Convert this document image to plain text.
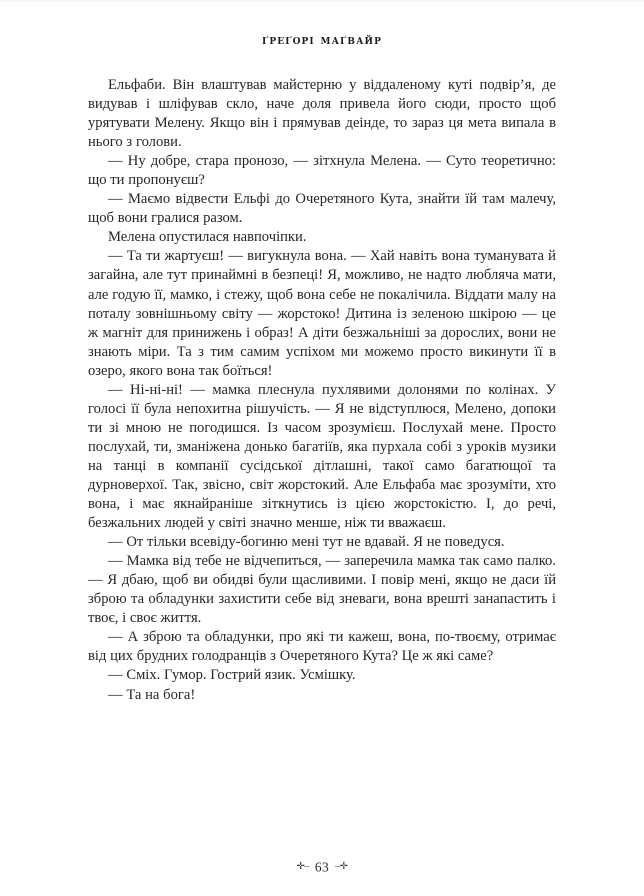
ґреґорі маґвайр

Ельфаби. Він влаштував майстерню у віддаленому куті подвір’я, де видував і шліфував скло, наче доля привела його сюди, просто щоб урятувати Мелену. Якщо він і прямував деінде, то зараз ця мета випала в нього з голови.

— Ну добре, стара пронозо, — зітхнула Мелена. — Суто теоретично: що ти пропонуєш?

— Маємо відвести Ельфі до Очеретяного Кута, знайти їй там малечу, щоб вони гралися разом.

Мелена опустилася навпочіпки.

— Та ти жартуєш! — вигукнула вона. — Хай навіть вона туманувата й загайна, але тут принаймні в безпеці! Я, можливо, не надто любляча мати, але годую її, мамко, і стежу, щоб вона себе не покалічила. Віддати малу на поталу зовнішньому світу — жорстоко! Дитина із зеленою шкірою — це ж магніт для принижень і образ! А діти безжальніші за дорослих, вони не знають міри. Та з тим самим успіхом ми можемо просто викинути її в озеро, якого вона так боїться!

— Ні-ні-ні! — мамка плеснула пухлявими долонями по колінах. У голосі її була непохитна рішучість. — Я не відступлюся, Мелено, допоки ти зі мною не погодишся. Із часом зрозумієш. Послухай мене. Просто послухай, ти, зманіжена донько багатіїв, яка пурхала собі з уроків музики на танці в компанії сусідської дітлашні, такої само багатющої та дурноверхої. Так, звісно, світ жорстокий. Але Ельфаба має зрозуміти, хто вона, і має якнайраніше зіткнутись із цією жорстокістю. І, до речі, безжальних людей у світі значно менше, ніж ти вважаєш.

— От тільки всевіду-богиню мені тут не вдавай. Я не поведуся.

— Мамка від тебе не відчепиться, — заперечила мамка так само палко. — Я дбаю, щоб ви обидві були щасливими. І повір мені, якщо не даси їй зброю та обладунки захистити себе від зневаги, вона врешті занапастить і твоє, і своє життя.

— А зброю та обладунки, про які ти кажеш, вона, по-твоєму, отримає від цих брудних голодранців з Очеретяного Кута? Це ж які саме?

— Сміх. Гумор. Гострий язик. Усмішку.

— Та на бога!

✛– 63 –✛
